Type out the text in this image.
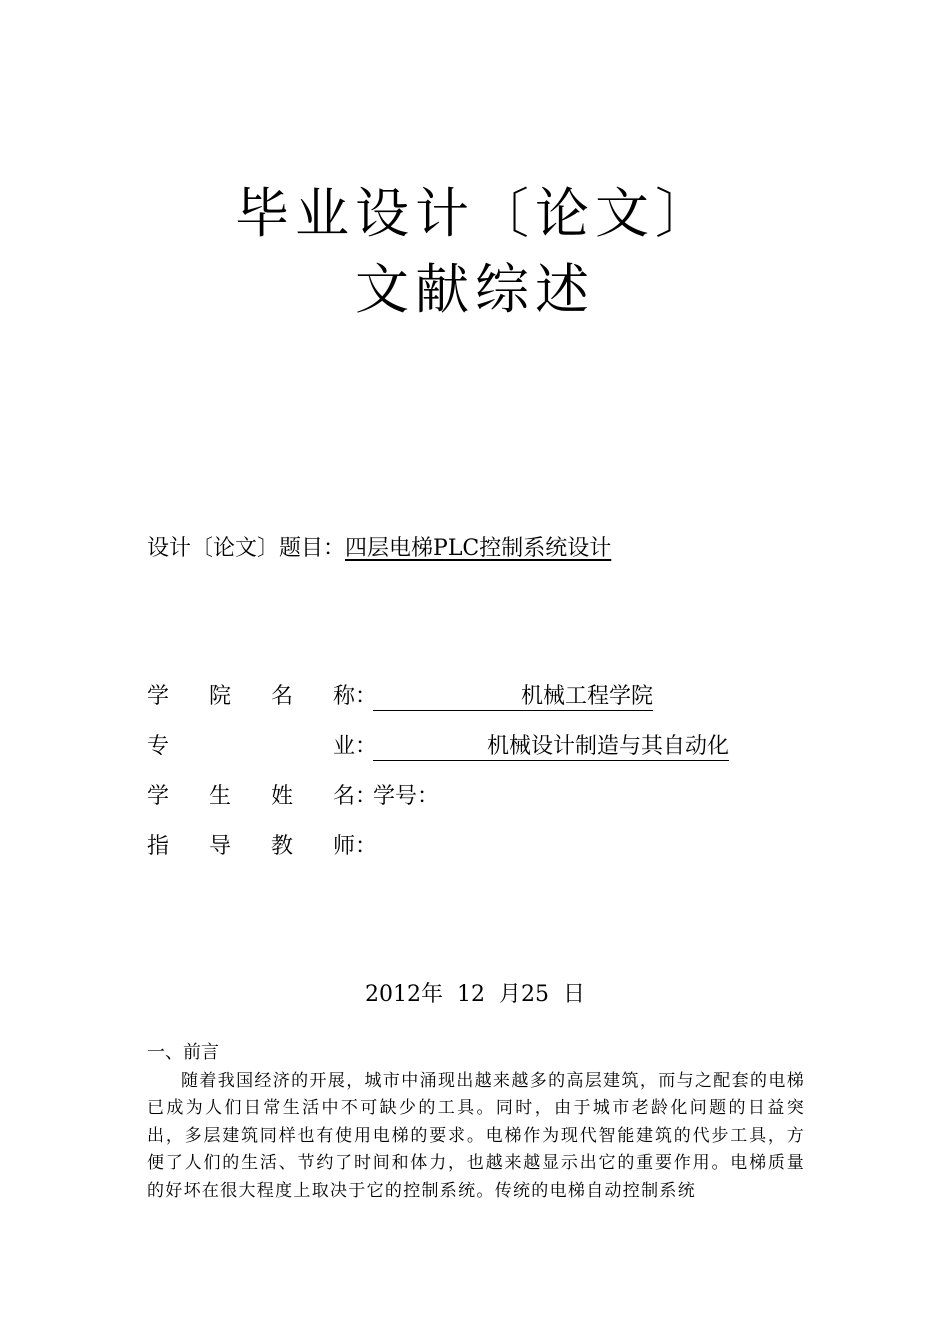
毕业设计〔论文〕
文献综述
设计〔论文〕题目：四层电梯PLC控制系统设计
学院名称：	机械工程学院
专业：	机械设计制造与其自动化
学生姓名：学号：
指导教师：
2012年  12  月25  日
一、前言
随着我国经济的开展，城市中涌现出越来越多的高层建筑，而与之配套的电梯已成为人们日常生活中不可缺少的工具。同时，由于城市老龄化问题的日益突出，多层建筑同样也有使用电梯的要求。电梯作为现代智能建筑的代步工具，方便了人们的生活、节约了时间和体力，也越来越显示出它的重要作用。电梯质量的好坏在很大程度上取决于它的控制系统。传统的电梯自动控制系统
